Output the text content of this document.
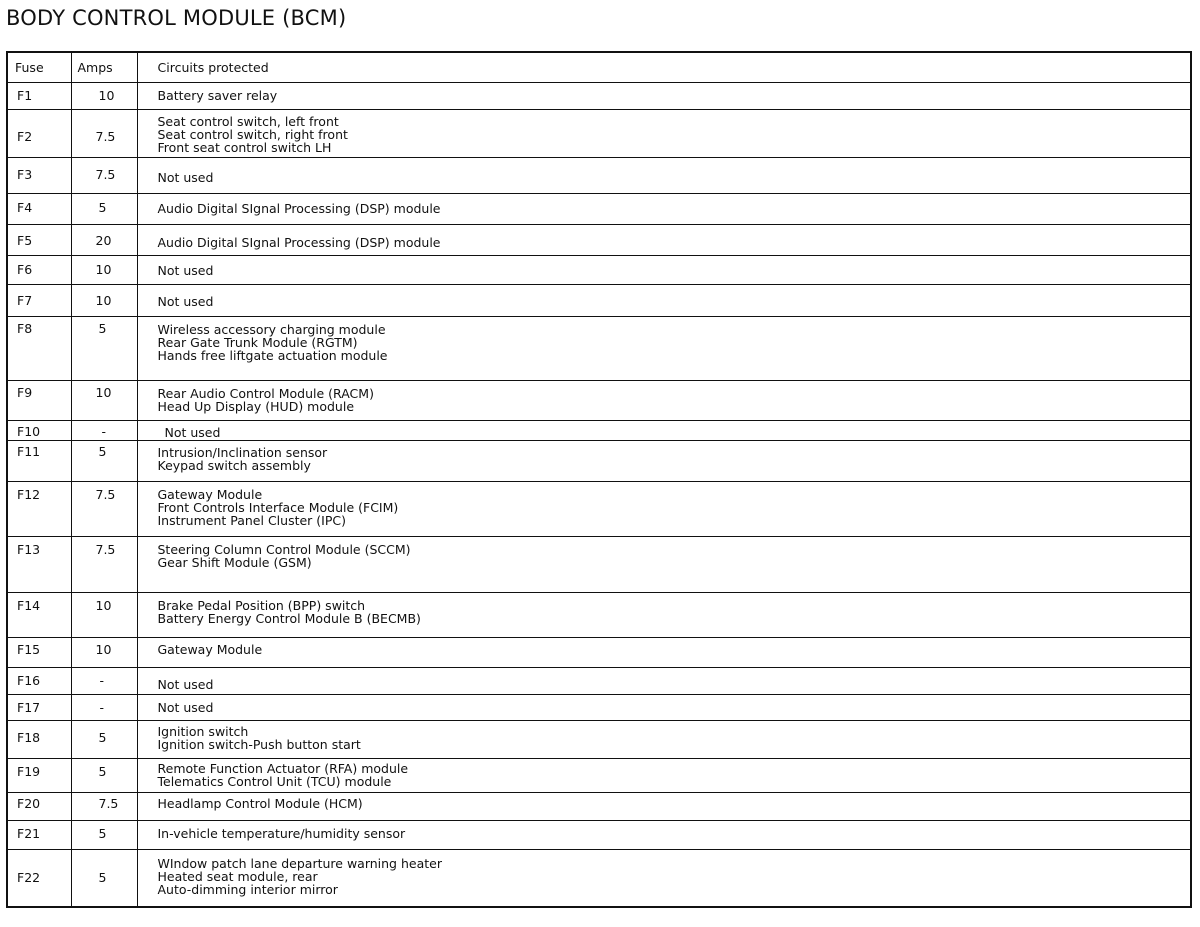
BODY CONTROL MODULE (BCM)
Fuse	Amps	Circuits protected
F1	10	Battery saver relay

F2	7.5	Seat control switch, left front
Seat control switch, right front
Front seat control switch LH

F3	7.5	Not used

F4	5	Audio Digital SIgnal Processing (DSP) module

F5	20	Audio Digital SIgnal Processing (DSP) module

F6	10	Not used

F7	10	Not used

F8	5	Wireless accessory charging module
Rear Gate Trunk Module (RGTM)
Hands free liftgate actuation module

F9	10	Rear Audio Control Module (RACM)
Head Up Display (HUD) module

F10	-	Not used

F11	5	Intrusion/Inclination sensor
Keypad switch assembly

F12	7.5	Gateway Module
Front Controls Interface Module (FCIM)
Instrument Panel Cluster (IPC)

F13	7.5	Steering Column Control Module (SCCM)
Gear Shift Module (GSM)

F14	10	Brake Pedal Position (BPP) switch
Battery Energy Control Module B (BECMB)

F15	10	Gateway Module

F16	-	Not used

F17	-	Not used

F18	5	Ignition switch
Ignition switch-Push button start

F19	5	Remote Function Actuator (RFA) module
Telematics Control Unit (TCU) module

F20	7.5	Headlamp Control Module (HCM)

F21	5	In-vehicle temperature/humidity sensor

F22	5	WIndow patch lane departure warning heater
Heated seat module, rear
Auto-dimming interior mirror
